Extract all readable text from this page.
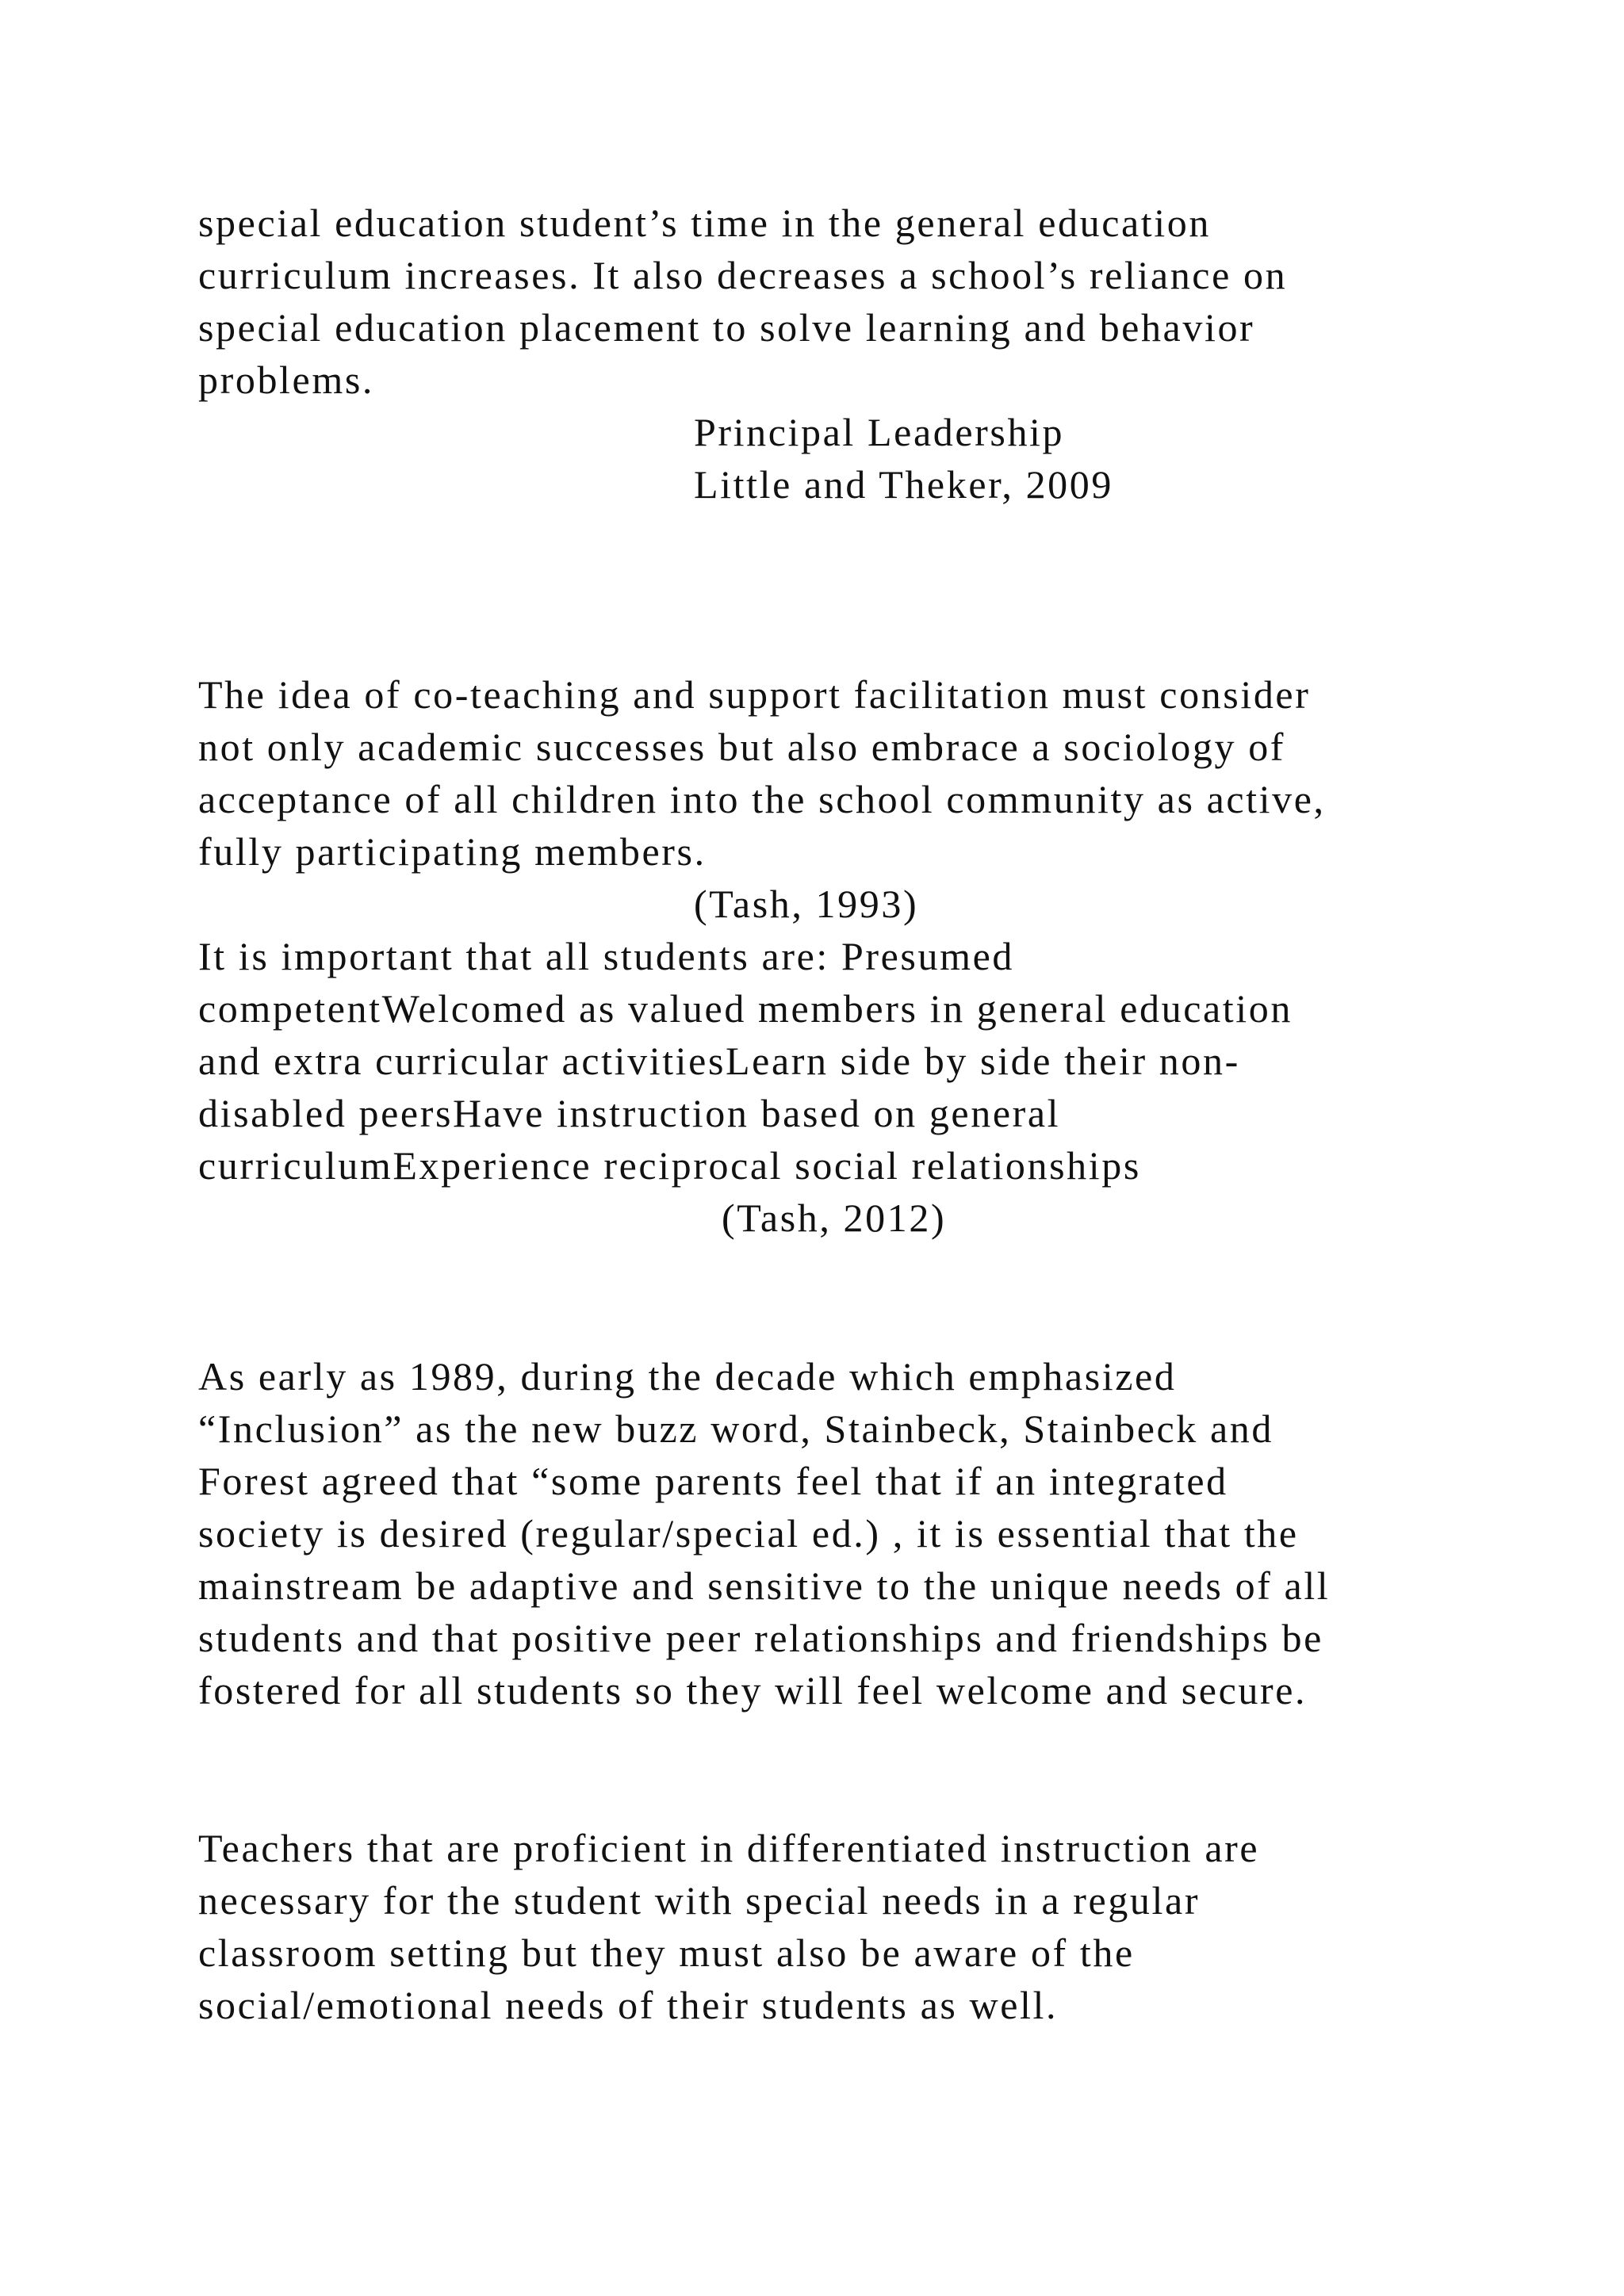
special education student’s time in the general education

curriculum increases. It also decreases a school’s reliance on

special education placement to solve learning and behavior

problems.

Principal Leadership

Little and Theker, 2009

The idea of co-teaching and support facilitation must consider

not only academic successes but also embrace a sociology of

acceptance of all children into the school community as active,

fully participating members.

(Tash, 1993)

It is important that all students are: Presumed

competentWelcomed as valued members in general education

and extra curricular activitiesLearn side by side their non-

disabled peersHave instruction based on general

curriculumExperience reciprocal social relationships

(Tash, 2012)

As early as 1989, during the decade which emphasized

“Inclusion” as the new buzz word, Stainbeck, Stainbeck and

Forest agreed that “some parents feel that if an integrated

society is desired (regular/special ed.) , it is essential that the

mainstream be adaptive and sensitive to the unique needs of all

students and that positive peer relationships and friendships be

fostered for all students so they will feel welcome and secure.

Teachers that are proficient in differentiated instruction are

necessary for the student with special needs in a regular

classroom setting but they must also be aware of the

social/emotional needs of their students as well.
